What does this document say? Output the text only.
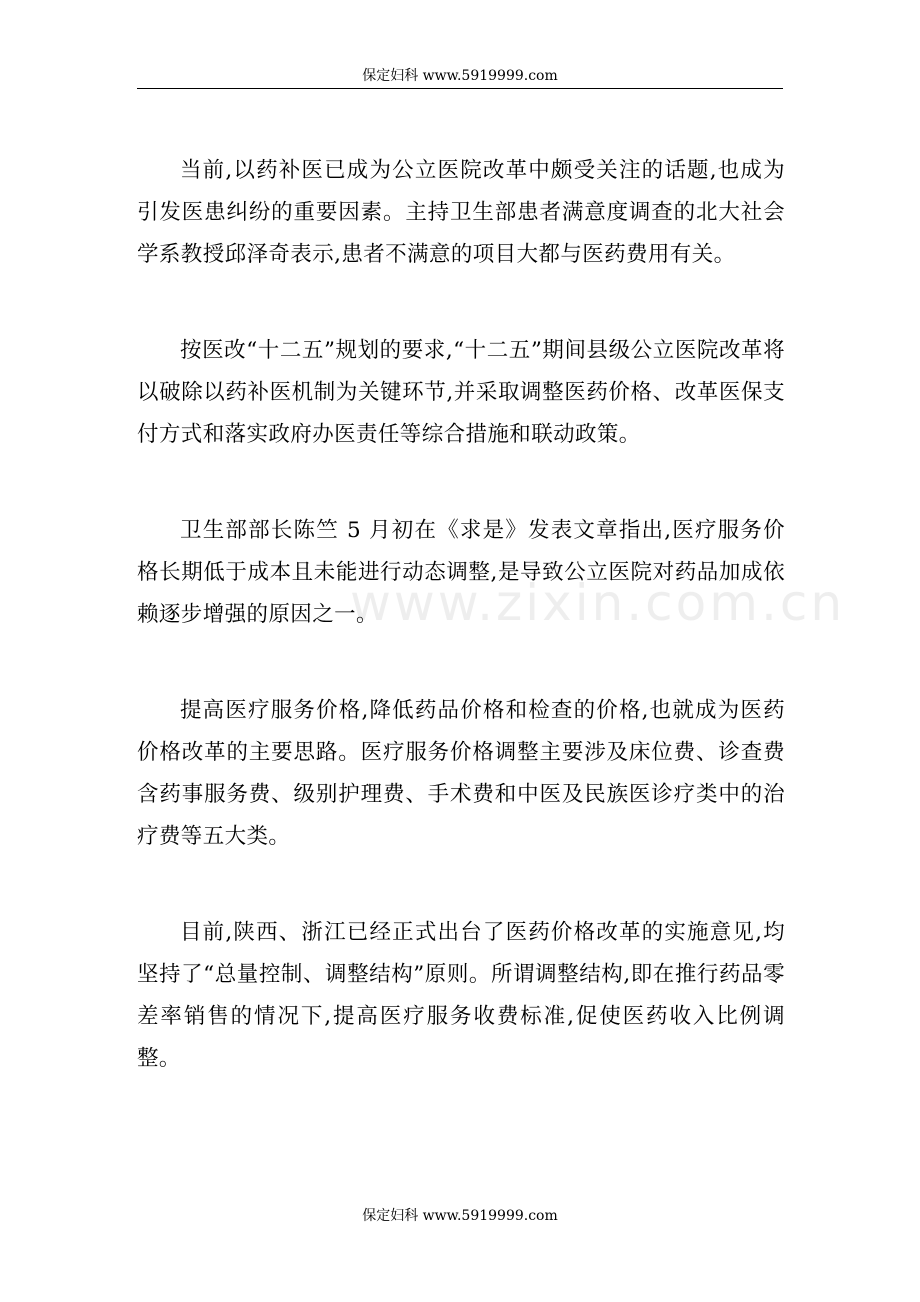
保定妇科 www.5919999.com
www.zixin.com.cn

当前,以药补医已成为公立医院改革中颇受关注的话题,也成为引发医患纠纷的重要因素。主持卫生部患者满意度调查的北大社会学系教授邱泽奇表示,患者不满意的项目大都与医药费用有关。

按医改“十二五”规划的要求,“十二五”期间县级公立医院改革将以破除以药补医机制为关键环节,并采取调整医药价格、改革医保支付方式和落实政府办医责任等综合措施和联动政策。

卫生部部长陈竺 5 月初在《求是》发表文章指出,医疗服务价格长期低于成本且未能进行动态调整,是导致公立医院对药品加成依赖逐步增强的原因之一。

提高医疗服务价格,降低药品价格和检查的价格,也就成为医药价格改革的主要思路。医疗服务价格调整主要涉及床位费、诊查费含药事服务费、级别护理费、手术费和中医及民族医诊疗类中的治疗费等五大类。

目前,陕西、浙江已经正式出台了医药价格改革的实施意见,均坚持了“总量控制、调整结构”原则。所谓调整结构,即在推行药品零差率销售的情况下,提高医疗服务收费标准,促使医药收入比例调整。

保定妇科 www.5919999.com
